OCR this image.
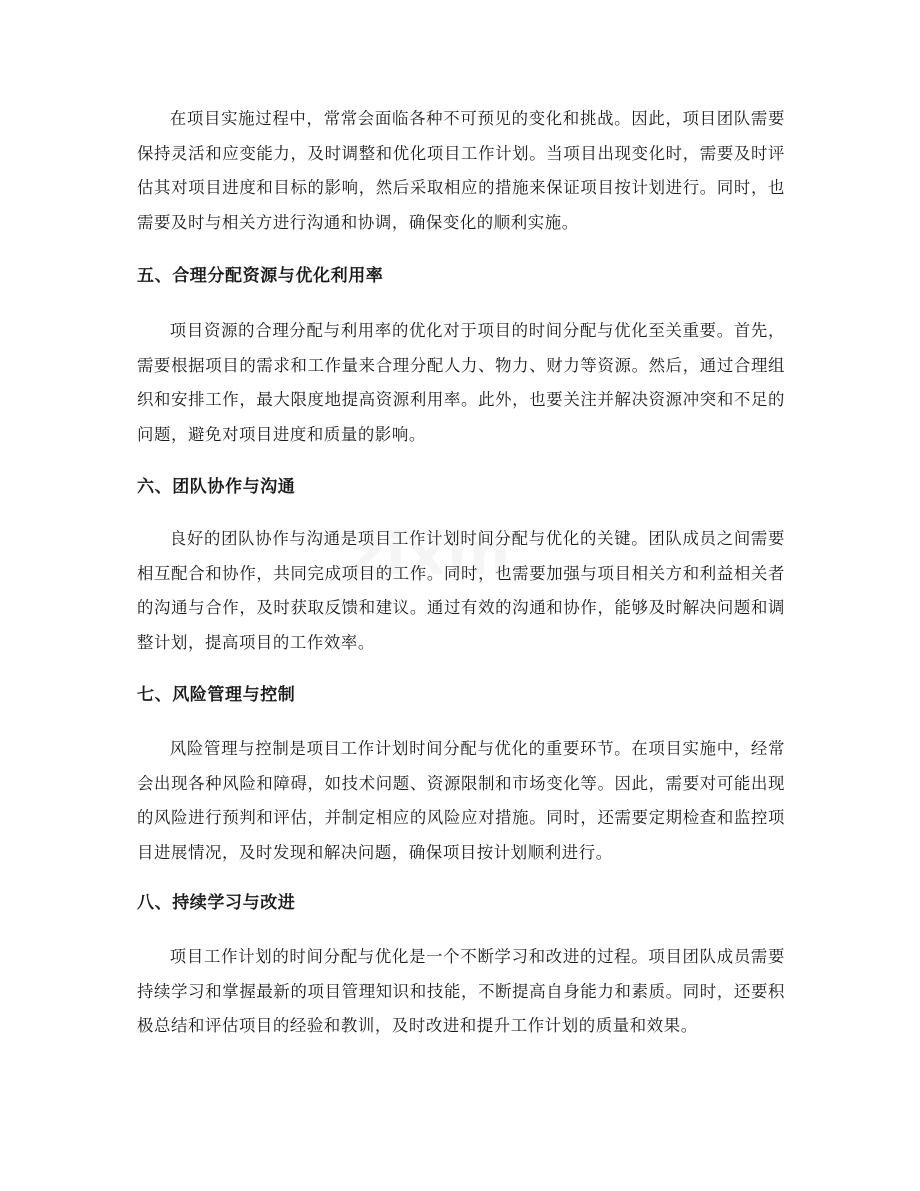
zixin

在项目实施过程中，常常会面临各种不可预见的变化和挑战。因此，项目团队需要保持灵活和应变能力，及时调整和优化项目工作计划。当项目出现变化时，需要及时评估其对项目进度和目标的影响，然后采取相应的措施来保证项目按计划进行。同时，也需要及时与相关方进行沟通和协调，确保变化的顺利实施。

五、合理分配资源与优化利用率

项目资源的合理分配与利用率的优化对于项目的时间分配与优化至关重要。首先，需要根据项目的需求和工作量来合理分配人力、物力、财力等资源。然后，通过合理组织和安排工作，最大限度地提高资源利用率。此外，也要关注并解决资源冲突和不足的问题，避免对项目进度和质量的影响。

六、团队协作与沟通

良好的团队协作与沟通是项目工作计划时间分配与优化的关键。团队成员之间需要相互配合和协作，共同完成项目的工作。同时，也需要加强与项目相关方和利益相关者的沟通与合作，及时获取反馈和建议。通过有效的沟通和协作，能够及时解决问题和调整计划，提高项目的工作效率。

七、风险管理与控制

风险管理与控制是项目工作计划时间分配与优化的重要环节。在项目实施中，经常会出现各种风险和障碍，如技术问题、资源限制和市场变化等。因此，需要对可能出现的风险进行预判和评估，并制定相应的风险应对措施。同时，还需要定期检查和监控项目进展情况，及时发现和解决问题，确保项目按计划顺利进行。

八、持续学习与改进

项目工作计划的时间分配与优化是一个不断学习和改进的过程。项目团队成员需要持续学习和掌握最新的项目管理知识和技能，不断提高自身能力和素质。同时，还要积极总结和评估项目的经验和教训，及时改进和提升工作计划的质量和效果。
